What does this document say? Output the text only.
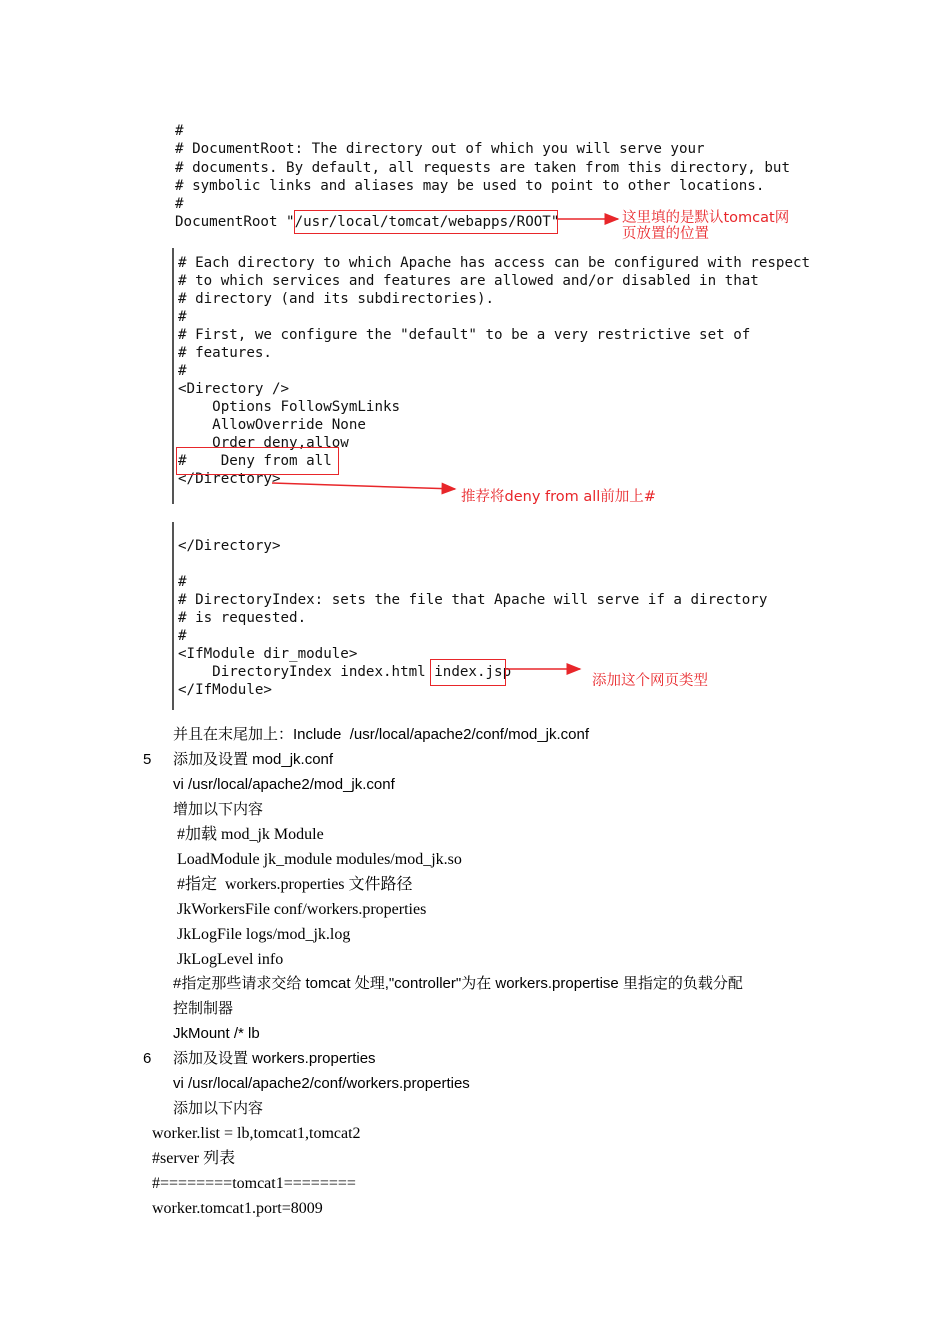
#
# DocumentRoot: The directory out of which you will serve your
# documents. By default, all requests are taken from this directory, but
# symbolic links and aliases may be used to point to other locations.
#
DocumentRoot "/usr/local/tomcat/webapps/ROOT"	这里填的是默认tomcat网页放置的位置
# Each directory to which Apache has access can be configured with respect
# to which services and features are allowed and/or disabled in that
# directory (and its subdirectories).
#
# First, we configure the "default" to be a very restrictive set of
# features.
#
<Directory />
Options FollowSymLinks
AllowOverride None
Order deny,allow
#    Deny from all
</Directory>
推荐将deny from all前加上#
</Directory>
#
# DirectoryIndex: sets the file that Apache will serve if a directory
# is requested.
#
<IfModule dir_module>
DirectoryIndex index.html index.jsp
</IfModule>
添加这个网页类型
并且在末尾加上：Include  /usr/local/apache2/conf/mod_jk.conf
5 添加及设置 mod_jk.conf
vi /usr/local/apache2/mod_jk.conf
增加以下内容
#加载 mod_jk Module
LoadModule jk_module modules/mod_jk.so
#指定  workers.properties 文件路径
JkWorkersFile conf/workers.properties
JkLogFile logs/mod_jk.log
JkLogLevel info
#指定那些请求交给 tomcat 处理,"controller"为在 workers.propertise 里指定的负载分配
控制制器
JkMount /* lb
6 添加及设置 workers.properties
vi /usr/local/apache2/conf/workers.properties
添加以下内容
worker.list = lb,tomcat1,tomcat2
#server 列表
#========tomcat1========
worker.tomcat1.port=8009
